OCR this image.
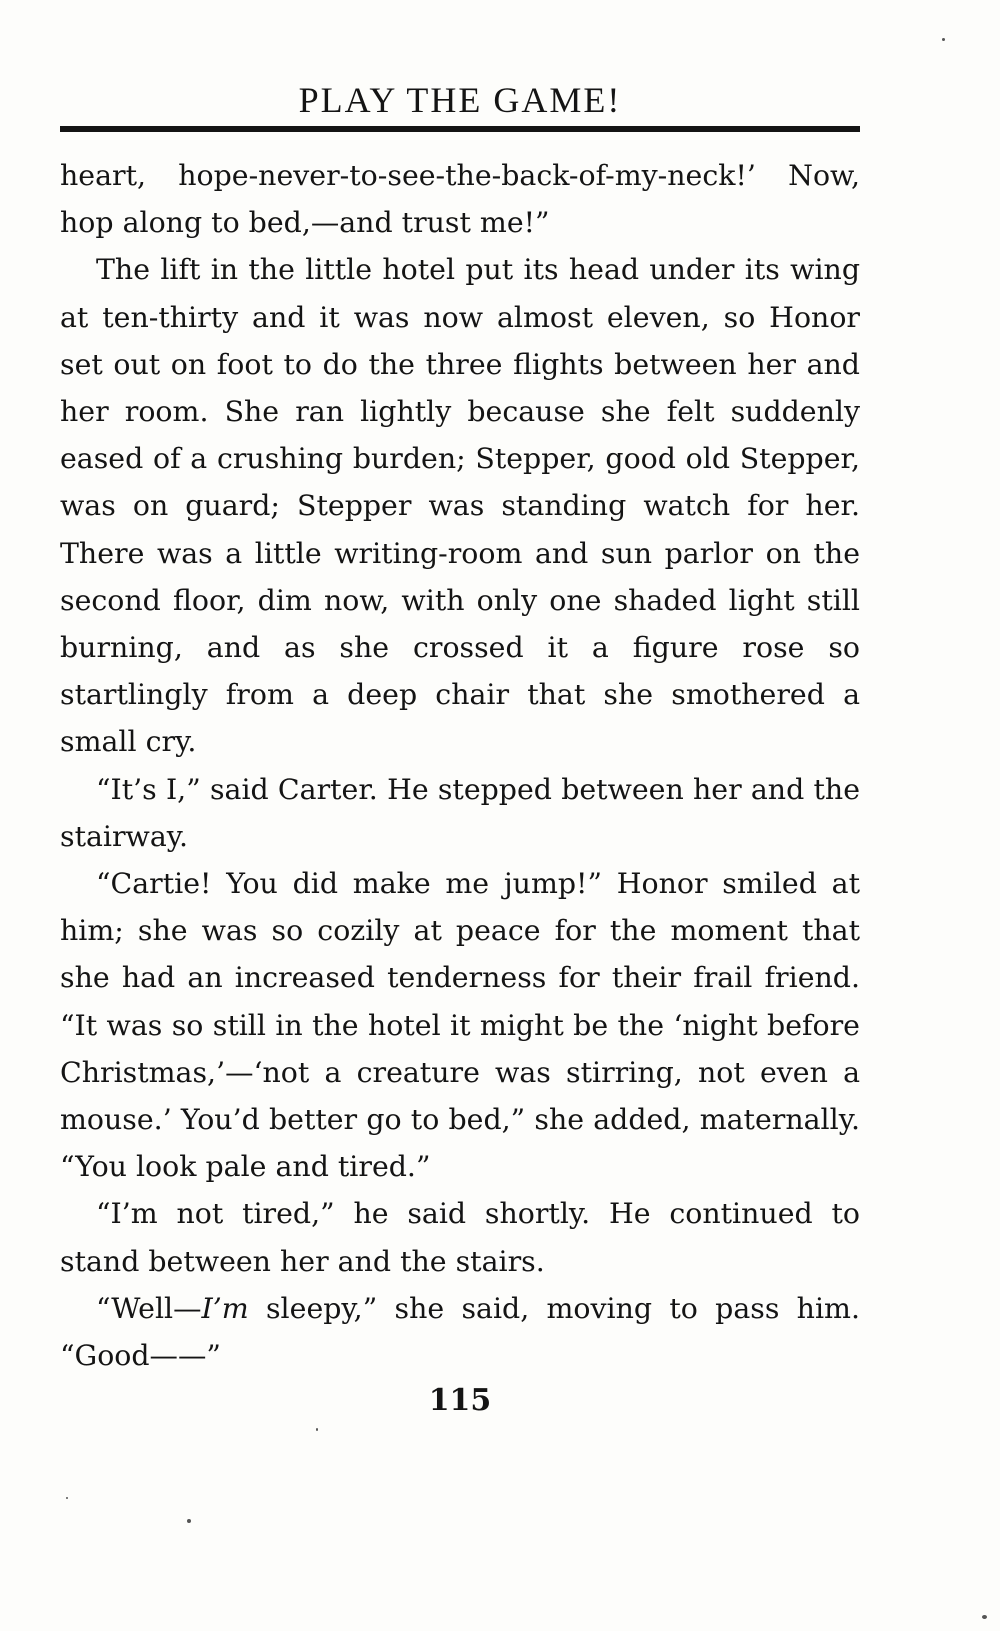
PLAY THE GAME!

heart, hope-never-to-see-the-back-of-my-neck!’ Now, hop along to bed,—and trust me!”

The lift in the little hotel put its head under its wing at ten-thirty and it was now almost eleven, so Honor set out on foot to do the three flights between her and her room. She ran lightly because she felt suddenly eased of a crushing burden; Stepper, good old Stepper, was on guard; Stepper was standing watch for her. There was a little writing-room and sun parlor on the second floor, dim now, with only one shaded light still burning, and as she crossed it a figure rose so startlingly from a deep chair that she smothered a small cry.

“It’s I,” said Carter. He stepped between her and the stairway.

“Cartie! You did make me jump!” Honor smiled at him; she was so cozily at peace for the moment that she had an increased tenderness for their frail friend. “It was so still in the hotel it might be the ‘night before Christmas,’—‘not a creature was stirring, not even a mouse.’ You’d better go to bed,” she added, maternally. “You look pale and tired.”

“I’m not tired,” he said shortly. He continued to stand between her and the stairs.

“Well—I’m sleepy,” she said, moving to pass him. “Good——”

115
